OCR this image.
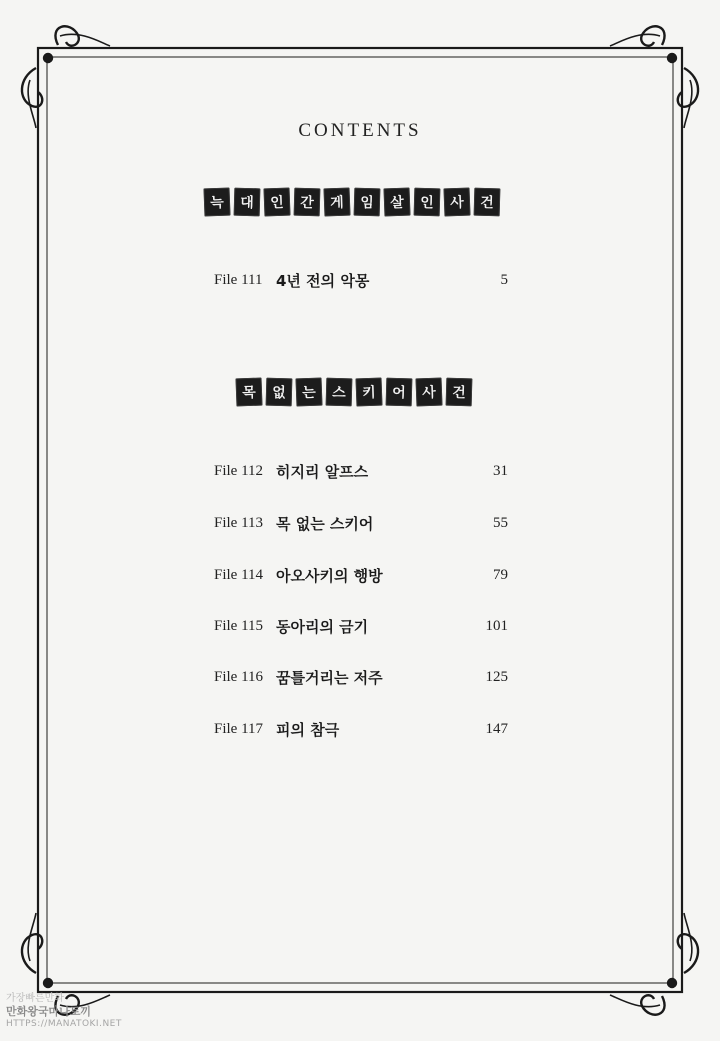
CONTENTS
늑	대	인	간	게	임	살	인	사	건
File 111 4년 전의 악몽	5
목	없	는	스	키	어	사	건
File 112 히지리 알프스	31
File 113 목 없는 스키어	55
File 114 아오사키의 행방	79
File 115 동아리의 금기	101
File 116 꿈틀거리는 저주	125
File 117 피의 참극	147
가장빠른만화
만화왕국마나토끼
HTTPS://MANATOKI.NET
